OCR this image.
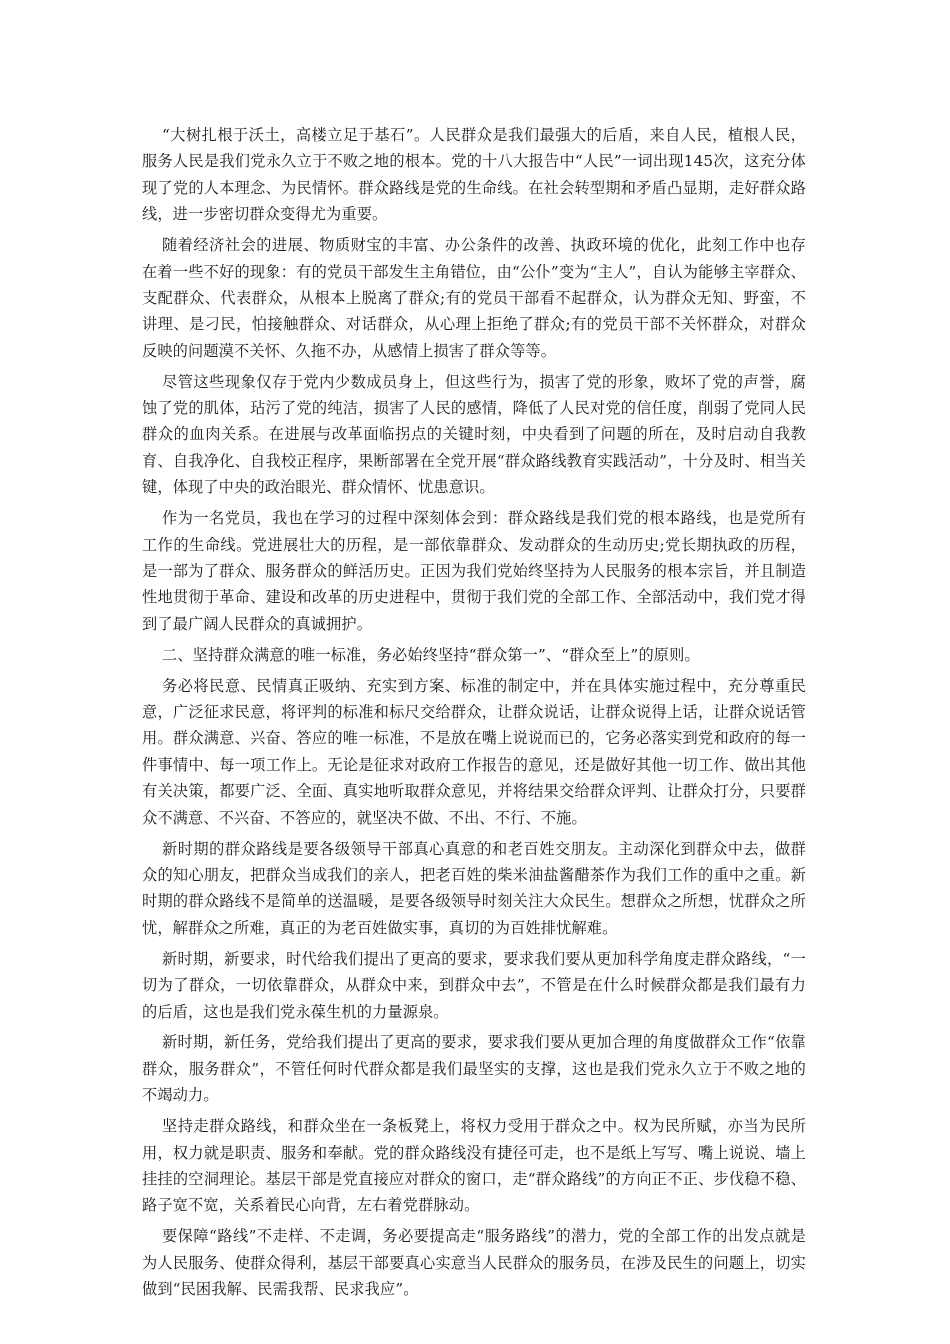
“大树扎根于沃土，高楼立足于基石”。人民群众是我们最强大的后盾，来自人民，植根人民，服务人民是我们党永久立于不败之地的根本。党的十八大报告中“人民”一词出现145次，这充分体现了党的人本理念、为民情怀。群众路线是党的生命线。在社会转型期和矛盾凸显期，走好群众路线，进一步密切群众变得尤为重要。

随着经济社会的进展、物质财宝的丰富、办公条件的改善、执政环境的优化，此刻工作中也存在着一些不好的现象：有的党员干部发生主角错位，由“公仆”变为“主人”，自认为能够主宰群众、支配群众、代表群众，从根本上脱离了群众;有的党员干部看不起群众，认为群众无知、野蛮，不讲理、是刁民，怕接触群众、对话群众，从心理上拒绝了群众;有的党员干部不关怀群众，对群众反映的问题漠不关怀、久拖不办，从感情上损害了群众等等。

尽管这些现象仅存于党内少数成员身上，但这些行为，损害了党的形象，败坏了党的声誉，腐蚀了党的肌体，玷污了党的纯洁，损害了人民的感情，降低了人民对党的信任度，削弱了党同人民群众的血肉关系。在进展与改革面临拐点的关键时刻，中央看到了问题的所在，及时启动自我教育、自我净化、自我校正程序，果断部署在全党开展“群众路线教育实践活动”，十分及时、相当关键，体现了中央的政治眼光、群众情怀、忧患意识。

作为一名党员，我也在学习的过程中深刻体会到：群众路线是我们党的根本路线，也是党所有工作的生命线。党进展壮大的历程，是一部依靠群众、发动群众的生动历史;党长期执政的历程，是一部为了群众、服务群众的鲜活历史。正因为我们党始终坚持为人民服务的根本宗旨，并且制造性地贯彻于革命、建设和改革的历史进程中，贯彻于我们党的全部工作、全部活动中，我们党才得到了最广阔人民群众的真诚拥护。

二、坚持群众满意的唯一标准，务必始终坚持“群众第一”、“群众至上”的原则。

务必将民意、民情真正吸纳、充实到方案、标准的制定中，并在具体实施过程中，充分尊重民意，广泛征求民意，将评判的标准和标尺交给群众，让群众说话，让群众说得上话，让群众说话管用。群众满意、兴奋、答应的唯一标准，不是放在嘴上说说而已的，它务必落实到党和政府的每一件事情中、每一项工作上。无论是征求对政府工作报告的意见，还是做好其他一切工作、做出其他有关决策，都要广泛、全面、真实地听取群众意见，并将结果交给群众评判、让群众打分，只要群众不满意、不兴奋、不答应的，就坚决不做、不出、不行、不施。

新时期的群众路线是要各级领导干部真心真意的和老百姓交朋友。主动深化到群众中去，做群众的知心朋友，把群众当成我们的亲人，把老百姓的柴米油盐酱醋茶作为我们工作的重中之重。新时期的群众路线不是简单的送温暖，是要各级领导时刻关注大众民生。想群众之所想，忧群众之所忧，解群众之所难，真正的为老百姓做实事，真切的为百姓排忧解难。

新时期，新要求，时代给我们提出了更高的要求，要求我们要从更加科学角度走群众路线，“一切为了群众，一切依靠群众，从群众中来，到群众中去”，不管是在什么时候群众都是我们最有力的后盾，这也是我们党永葆生机的力量源泉。

新时期，新任务，党给我们提出了更高的要求，要求我们要从更加合理的角度做群众工作“依靠群众，服务群众”，不管任何时代群众都是我们最坚实的支撑，这也是我们党永久立于不败之地的不竭动力。

坚持走群众路线，和群众坐在一条板凳上，将权力受用于群众之中。权为民所赋，亦当为民所用，权力就是职责、服务和奉献。党的群众路线没有捷径可走，也不是纸上写写、嘴上说说、墙上挂挂的空洞理论。基层干部是党直接应对群众的窗口，走“群众路线”的方向正不正、步伐稳不稳、路子宽不宽，关系着民心向背，左右着党群脉动。

要保障“路线”不走样、不走调，务必要提高走“服务路线”的潜力，党的全部工作的出发点就是为人民服务、使群众得利，基层干部要真心实意当人民群众的服务员，在涉及民生的问题上，切实做到“民困我解、民需我帮、民求我应”。
